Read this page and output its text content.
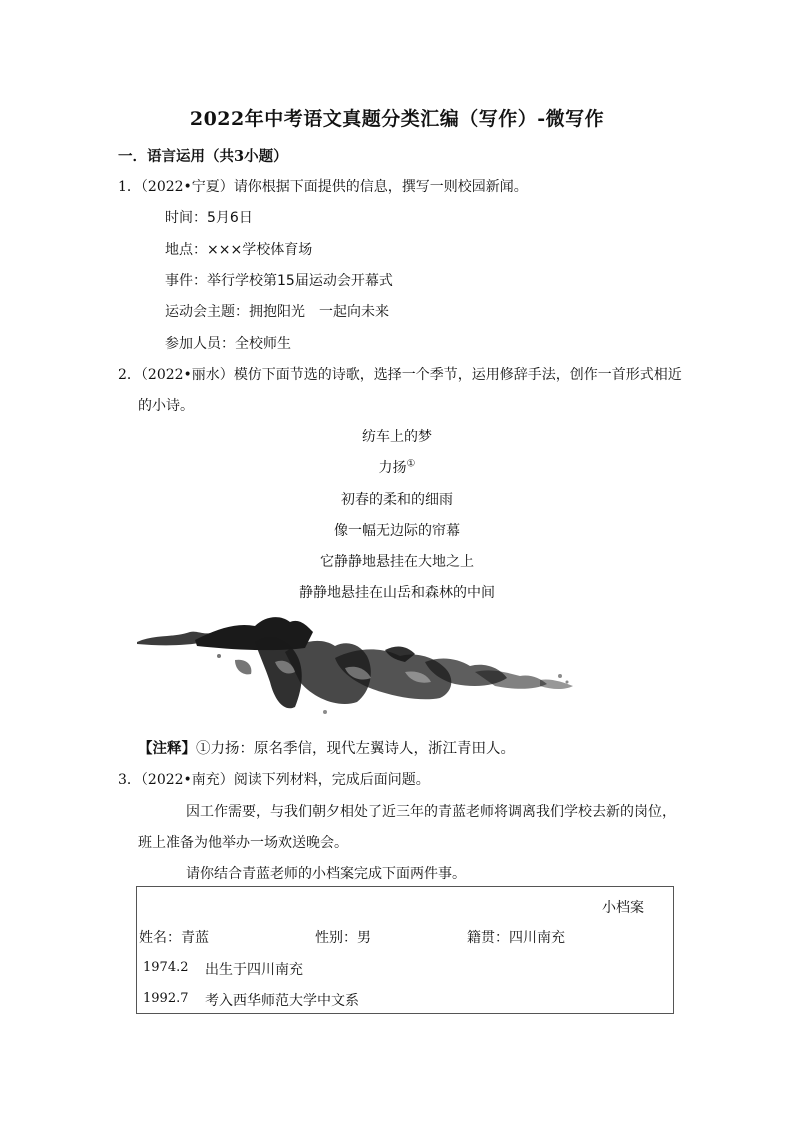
2022年中考语文真题分类汇编（写作）-微写作
一．语言运用（共3小题）
1．（2022•宁夏）请你根据下面提供的信息，撰写一则校园新闻。
时间：5月6日
地点：×××学校体育场
事件：举行学校第15届运动会开幕式
运动会主题：拥抱阳光　一起向未来
参加人员：全校师生
2．（2022•丽水）模仿下面节选的诗歌，选择一个季节，运用修辞手法，创作一首形式相近
的小诗。
纺车上的梦
力扬①
初春的柔和的细雨
像一幅无边际的帘幕
它静静地悬挂在大地之上
静静地悬挂在山岳和森林的中间
【注释】①力扬：原名季信，现代左翼诗人，浙江青田人。
3．（2022•南充）阅读下列材料，完成后面问题。
因工作需要，与我们朝夕相处了近三年的青蓝老师将调离我们学校去新的岗位，
班上准备为他举办一场欢送晚会。
请你结合青蓝老师的小档案完成下面两件事。
小档案
姓名：青蓝	性别：男	籍贯：四川南充
1974.2 出生于四川南充
1992.7 考入西华师范大学中文系
